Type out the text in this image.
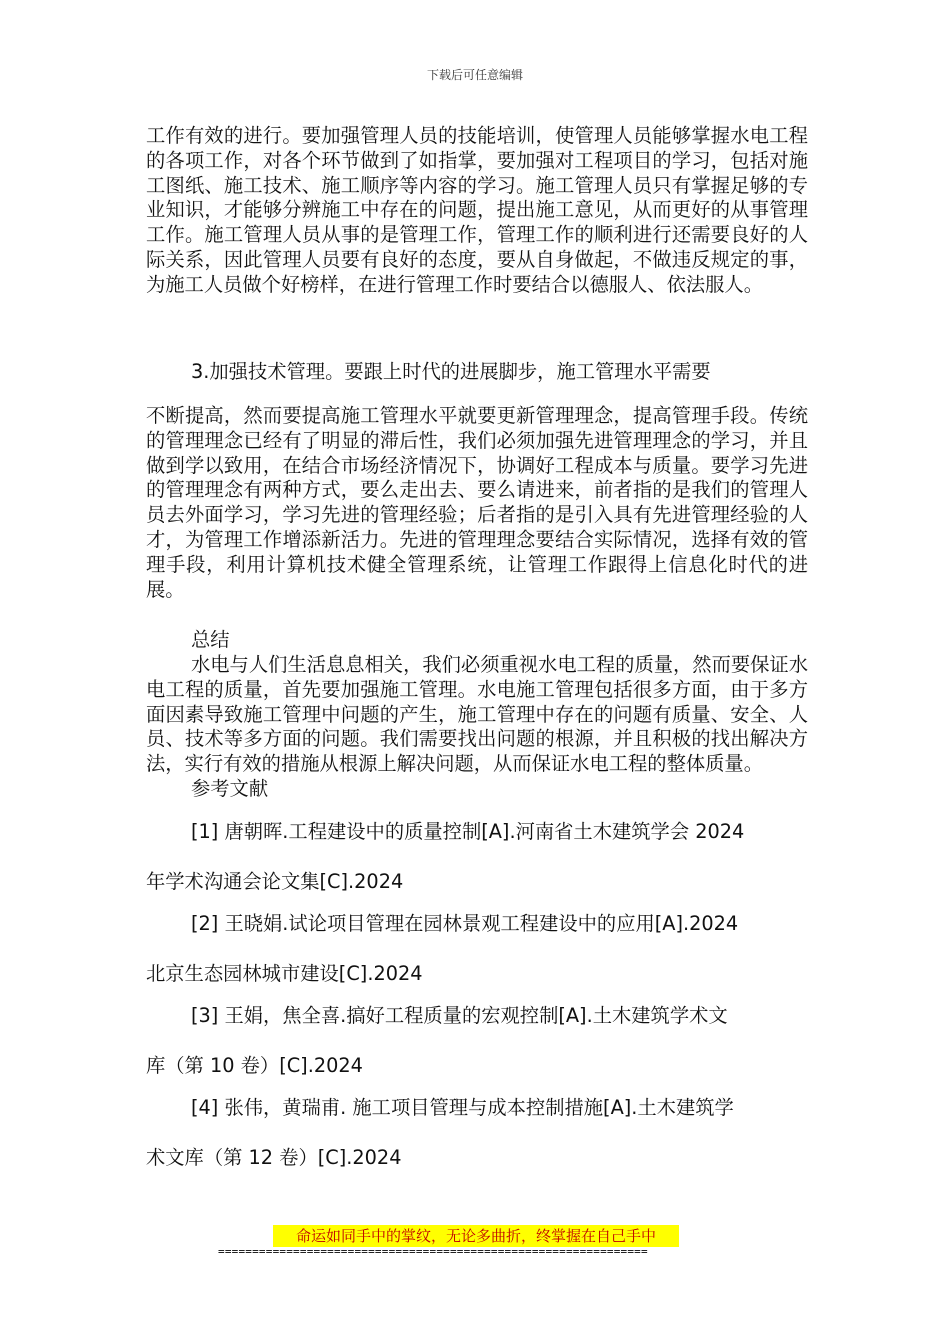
下载后可任意编辑

工作有效的进行。要加强管理人员的技能培训，使管理人员能够掌握水电工程的各项工作，对各个环节做到了如指掌，要加强对工程项目的学习，包括对施工图纸、施工技术、施工顺序等内容的学习。施工管理人员只有掌握足够的专业知识，才能够分辨施工中存在的问题，提出施工意见，从而更好的从事管理工作。施工管理人员从事的是管理工作，管理工作的顺利进行还需要良好的人际关系，因此管理人员要有良好的态度，要从自身做起，不做违反规定的事，为施工人员做个好榜样，在进行管理工作时要结合以德服人、依法服人。

3.加强技术管理。要跟上时代的进展脚步，施工管理水平需要

不断提高，然而要提高施工管理水平就要更新管理理念，提高管理手段。传统的管理理念已经有了明显的滞后性，我们必须加强先进管理理念的学习，并且做到学以致用，在结合市场经济情况下，协调好工程成本与质量。要学习先进的管理理念有两种方式，要么走出去、要么请进来，前者指的是我们的管理人员去外面学习，学习先进的管理经验；后者指的是引入具有先进管理经验的人才，为管理工作增添新活力。先进的管理理念要结合实际情况，选择有效的管理手段，利用计算机技术健全管理系统，让管理工作跟得上信息化时代的进展。

总结

水电与人们生活息息相关，我们必须重视水电工程的质量，然而要保证水电工程的质量，首先要加强施工管理。水电施工管理包括很多方面，由于多方面因素导致施工管理中问题的产生，施工管理中存在的问题有质量、安全、人员、技术等多方面的问题。我们需要找出问题的根源，并且积极的找出解决方法，实行有效的措施从根源上解决问题，从而保证水电工程的整体质量。

参考文献
[1] 唐朝晖.工程建设中的质量控制[A].河南省土木建筑学会 2024
年学术沟通会论文集[C].2024
[2] 王晓娟.试论项目管理在园林景观工程建设中的应用[A].2024
北京生态园林城市建设[C].2024
[3] 王娟，焦全喜.搞好工程质量的宏观控制[A].土木建筑学术文
库（第 10 卷）[C].2024
[4] 张伟，黄瑞甫. 施工项目管理与成本控制措施[A].土木建筑学
术文库（第 12 卷）[C].2024
命运如同手中的掌纹，无论多曲折，终掌握在自己手中
===============================================================
